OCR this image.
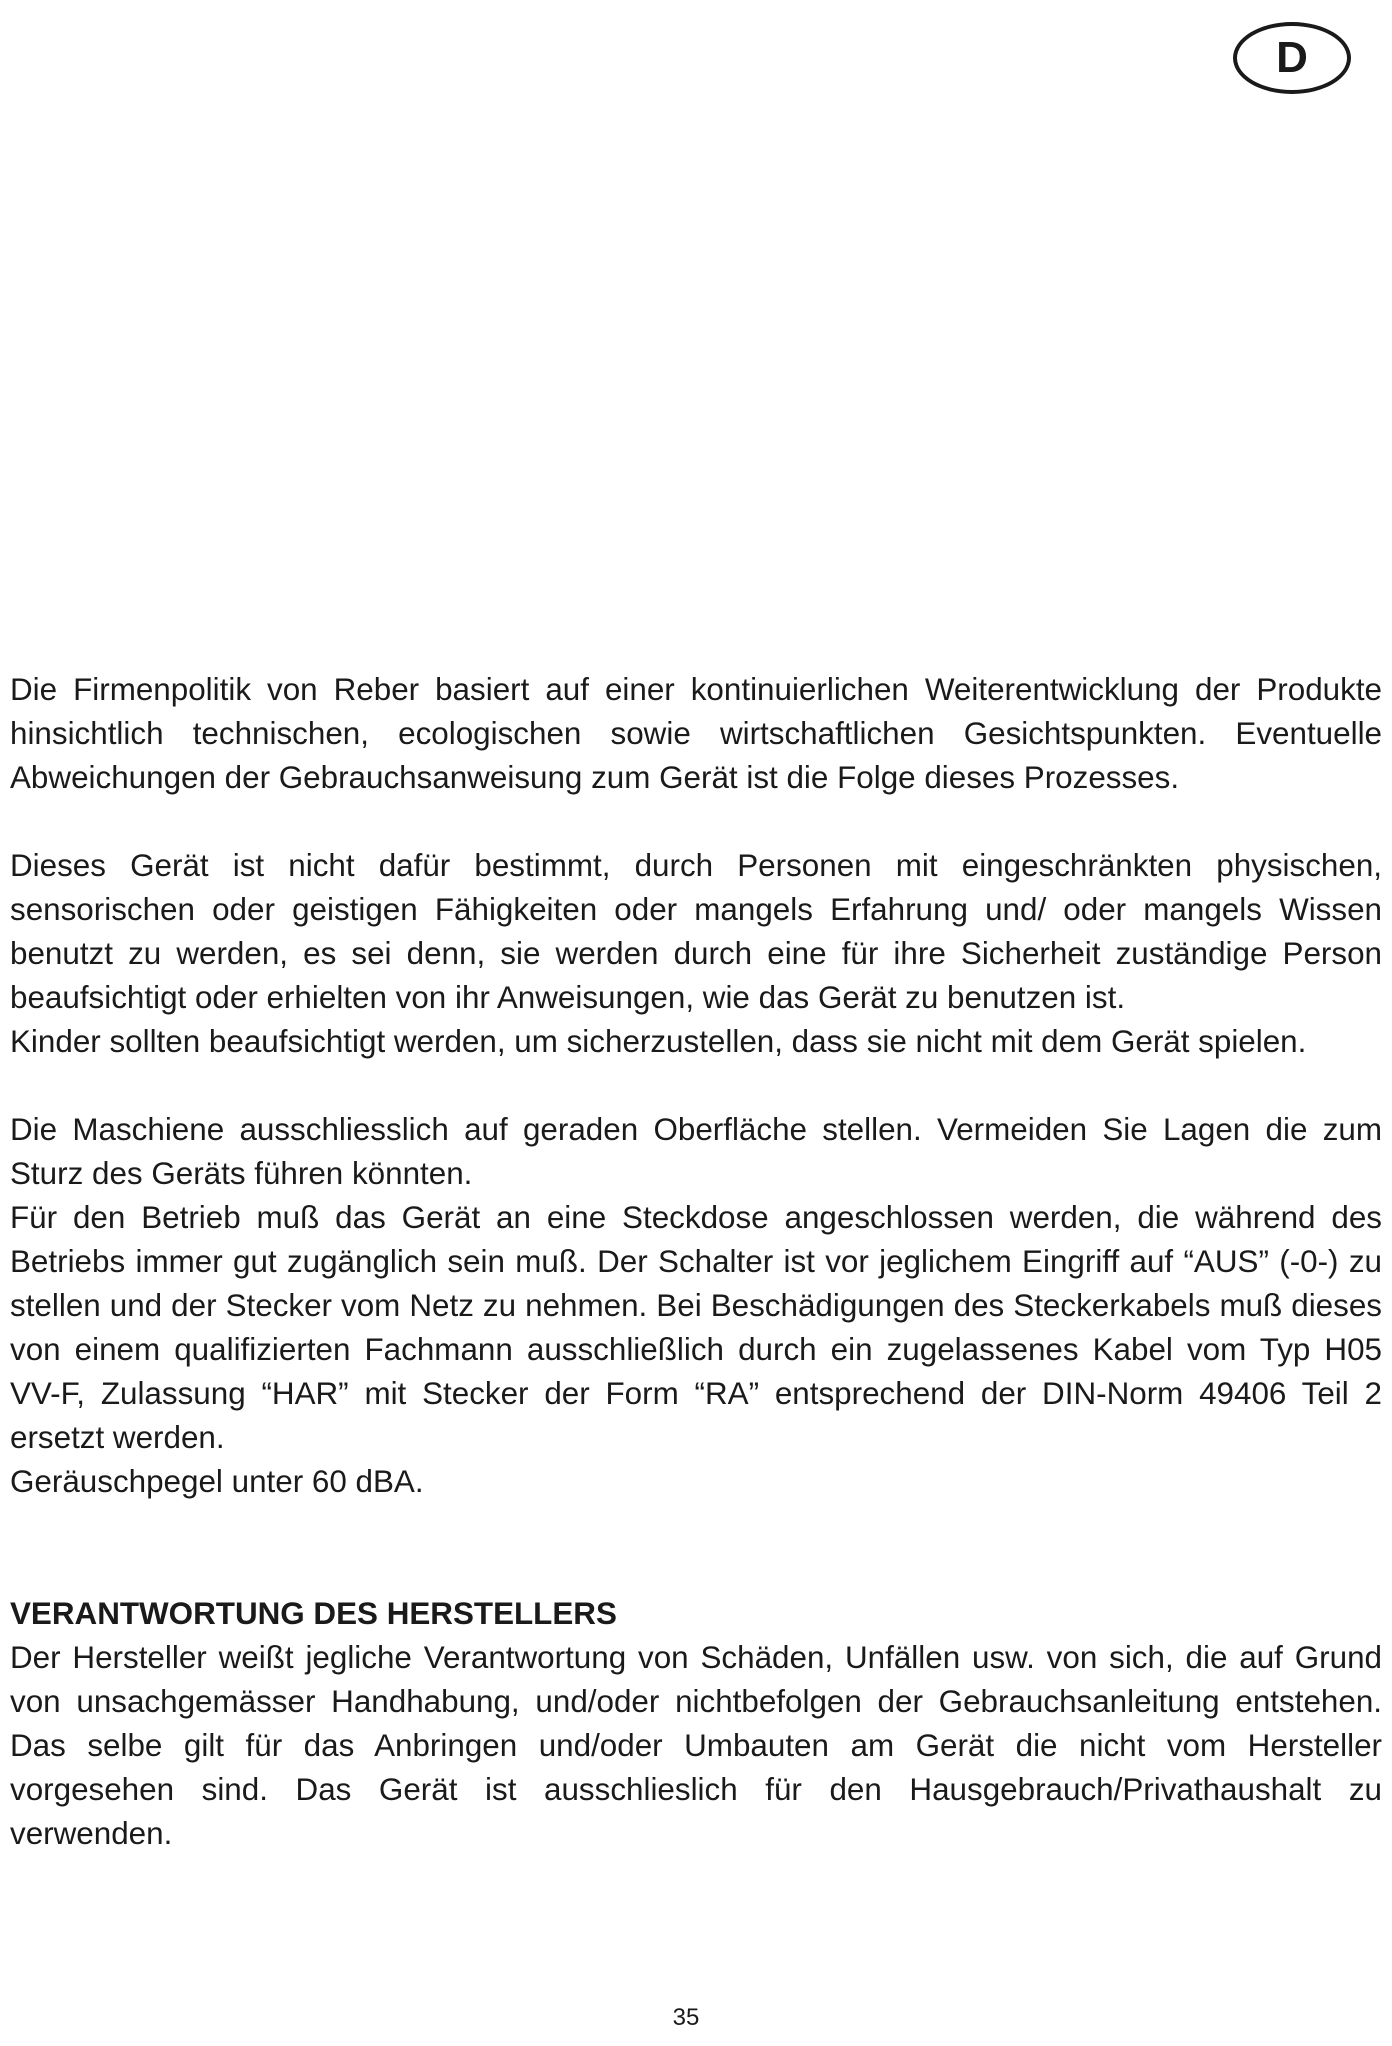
D

Die Firmenpolitik von Reber basiert auf einer kontinuierlichen Weiterentwicklung der Produkte hinsichtlich technischen, ecologischen sowie wirtschaftlichen Gesichtspunkten. Eventuelle Abweichungen der Gebrauchsanweisung zum Gerät ist die Folge dieses Prozesses.

Dieses Gerät ist nicht dafür bestimmt, durch Personen mit eingeschränkten physischen, sensorischen oder geistigen Fähigkeiten oder mangels Erfahrung und/ oder mangels Wissen benutzt zu werden, es sei denn, sie werden durch eine für ihre Sicherheit zuständige Person beaufsichtigt oder erhielten von ihr Anweisungen, wie das Gerät zu benutzen ist.

Kinder sollten beaufsichtigt werden, um sicherzustellen, dass sie nicht mit dem Gerät spielen.

Die Maschiene ausschliesslich auf geraden Oberfläche stellen. Vermeiden Sie Lagen die zum Sturz des Geräts führen könnten.

Für den Betrieb muß das Gerät an eine Steckdose angeschlossen werden, die während des Betriebs immer gut zugänglich sein muß. Der Schalter ist vor jeglichem Eingriff auf “AUS” (-0-) zu stellen und der Stecker vom Netz zu nehmen. Bei Beschädigungen des Steckerkabels muß dieses von einem qualifizierten Fachmann ausschließlich durch ein zugelassenes Kabel vom Typ H05 VV-F, Zulassung “HAR” mit Stecker der Form “RA” entsprechend der DIN-Norm 49406 Teil 2 ersetzt werden.

Geräuschpegel unter 60 dBA.

VERANTWORTUNG DES HERSTELLERS

Der Hersteller weißt jegliche Verantwortung von Schäden, Unfällen usw. von sich, die auf Grund von unsachgemässer Handhabung, und/oder nichtbefolgen der Gebrauchsanleitung entstehen. Das selbe gilt für das Anbringen und/oder Umbauten am Gerät die nicht vom Hersteller vorgesehen sind. Das Gerät ist ausschlieslich für den Hausgebrauch/Privathaushalt zu verwenden.

35
